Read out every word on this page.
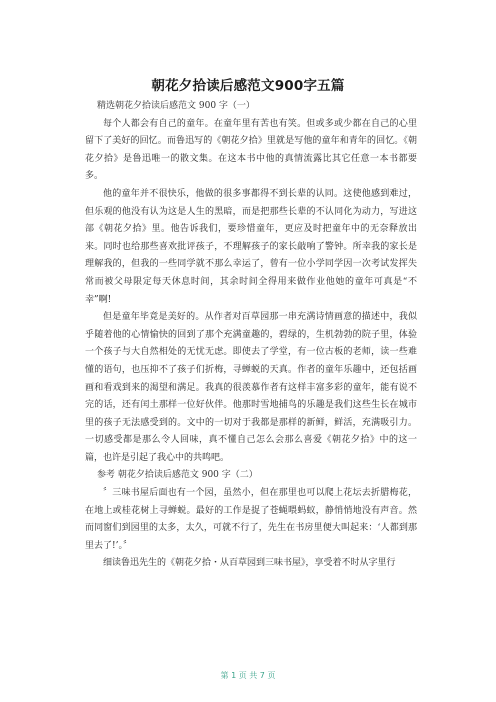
朝花夕拾读后感范文900字五篇

精选朝花夕拾读后感范文 900 字（一）

每个人都会有自己的童年。在童年里有苦也有笑。但或多或少都在自己的心里留下了美好的回忆。而鲁迅写的《朝花夕拾》里就是写他的童年和青年的回忆。《朝花夕拾》是鲁迅唯一的散文集。在这本书中他的真情流露比其它任意一本书都要多。

他的童年并不很快乐，他做的很多事都得不到长辈的认同。这使他感到难过，但乐观的他没有认为这是人生的黑暗，而是把那些长辈的不认同化为动力，写进这部《朝花夕拾》里。他告诉我们，要珍惜童年，更应及时把童年中的无奈释放出来。同时也给那些喜欢批评孩子，不理解孩子的家长敲响了警钟。所幸我的家长是理解我的，但我的一些同学就不那么幸运了，曾有一位小学同学因一次考试发挥失常而被父母限定每天休息时间，其余时间全得用来做作业他她的童年可真是“不幸”啊!

但是童年毕竟是美好的。从作者对百草园那一串充满诗情画意的描述中，我似乎随着他的心情愉快的回到了那个充满童趣的，碧绿的，生机勃勃的院子里，体验一个孩子与大自然相处的无忧无虑。即使去了学堂，有一位古板的老师，读一些难懂的语句，也压抑不了孩子们折梅，寻蝉蜕的天真。作者的童年乐趣中，还包括画画和看戏到来的渴望和满足。我真的很羡慕作者有这样丰富多彩的童年，能有说不完的话，还有闰土那样一位好伙伴。他那时雪地捕鸟的乐趣是我们这些生长在城市里的孩子无法感受到的。文中的一切对于我都是那样的新鲜，鲜活，充满吸引力。一切感受都是那么令人回味，真不懂自己怎么会那么喜爱《朝花夕拾》中的这一篇，也许是引起了我心中的共鸣吧。

参考 朝花夕拾读后感范文 900 字（二）

〞三味书屋后面也有一个园，虽然小，但在那里也可以爬上花坛去折腊梅花，在地上或桂花树上寻蝉蜕。最好的工作是捉了苍蝇喂蚂蚁，静悄悄地没有声音。然而同窗们到园里的太多，太久，可就不行了，先生在书房里便大叫起来：‘人都到那里去了!’。〞

细读鲁迅先生的《朝花夕拾・从百草园到三味书屋》，享受着不时从字里行

第 1 页 共 7 页
